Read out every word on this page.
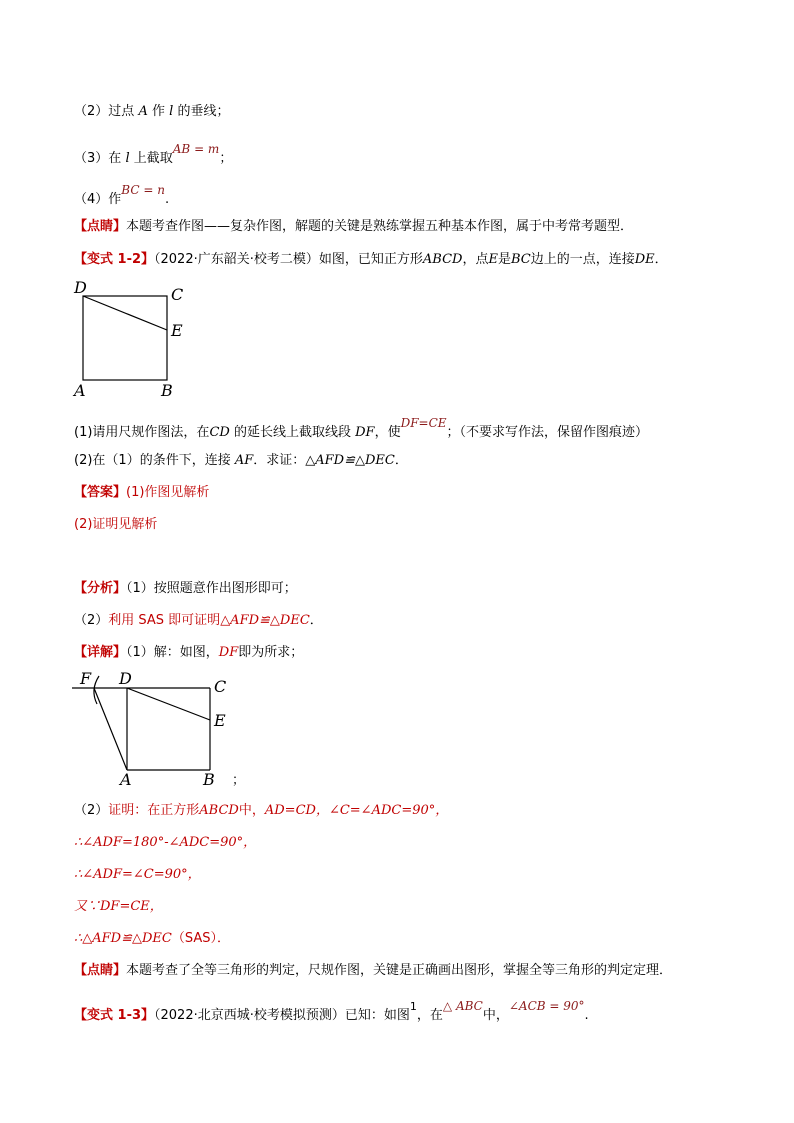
（2）过点 A 作 l 的垂线；
（3）在 l 上截取AB = m；
（4）作BC = n.
【点睛】本题考查作图——复杂作图，解题的关键是熟练掌握五种基本作图，属于中考常考题型．
【变式 1-2】（2022·广东韶关·校考二模）如图，已知正方形ABCD，点E是BC边上的一点，连接DE．
D	C
E
A	B
(1)请用尺规作图法，在CD 的延长线上截取线段 DF，使DF=CE；（不要求写作法，保留作图痕迹）
(2)在（1）的条件下，连接 AF．求证：△AFD≌△DEC．
【答案】(1)作图见解析
(2)证明见解析
【分析】（1）按照题意作出图形即可；
（2）利用 SAS 即可证明△AFD≌△DEC．
【详解】（1）解：如图，DF即为所求；
F D	C
E
A	B ；
（2）证明：在正方形ABCD中，AD=CD，∠C=∠ADC=90°，
∴∠ADF=180°-∠ADC=90°，
∴∠ADF=∠C=90°，
又∵DF=CE，
∴△AFD≌△DEC（SAS）．
【点睛】本题考查了全等三角形的判定，尺规作图，关键是正确画出图形，掌握全等三角形的判定定理．
【变式 1-3】（2022·北京西城·校考模拟预测）已知：如图$^1$，在△ ABC中，∠ACB = 90°.
